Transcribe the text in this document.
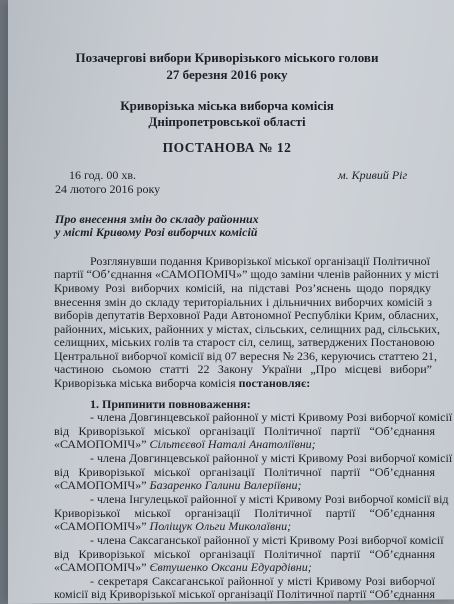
Позачергові вибори Криворізького міського голови
27 березня 2016 року
Криворізька міська виборча комісія
Дніпропетровської області
ПОСТАНОВА № 12
16 год. 00 хв.	м. Кривий Ріг
24 лютого 2016 року
Про внесення змін до складу районних
у місті Кривому Розі виборчих комісій
Розглянувши подання Криворізької міської організації Політичної
партії “Об’єднання «САМОПОМІЧ»” щодо заміни членів районних у місті
Кривому Розі виборчих комісій, на підставі Роз’яснень щодо порядку
внесення змін до складу територіальних і дільничних виборчих комісій з
виборів депутатів Верховної Ради Автономної Республіки Крим, обласних,
районних, міських, районних у містах, сільських, селищних рад, сільських,
селищних, міських голів та старост сіл, селищ, затверджених Постановою
Центральної виборчої комісії від 07 вересня № 236, керуючись статтею 21,
частиною сьомою статті 22 Закону України „Про місцеві вибори”
Криворізька міська виборча комісія постановляє:
1. Припинити повноваження:
- члена Довгинцевської районної у місті Кривому Розі виборчої комісії
від Криворізької міської організації Політичної партії “Об’єднання
«САМОПОМІЧ»” Сільтєєвої Наталі Анатоліївни;
- члена Довгинцевської районної у місті Кривому Розі виборчої комісії
від Криворізької міської організації Політичної партії “Об’єднання
«САМОПОМІЧ»” Базаренко Галини Валеріївни;
- члена Інгулецької районної у місті Кривому Розі виборчої комісії від
Криворізької міської організації Політичної партії “Об’єднання
«САМОПОМІЧ»” Поліщук Ольги Миколаївни;
- члена Саксаганської районної у місті Кривому Розі виборчої комісії
від Криворізької міської організації Політичної партії “Об’єднання
«САМОПОМІЧ»” Євтушенко Оксани Едуардівни;
- секретаря Саксаганської районної у місті Кривому Розі виборчої
комісії від Криворізької міської організації Політичної партії “Об’єднання
